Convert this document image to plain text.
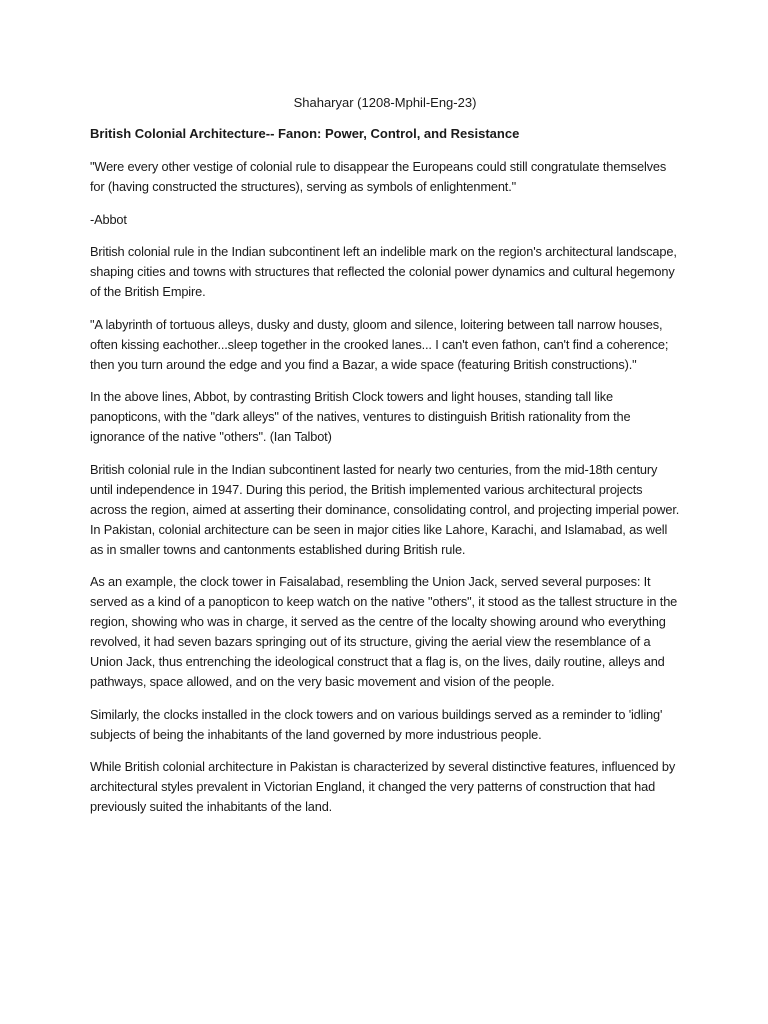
Shaharyar (1208-Mphil-Eng-23)
British Colonial Architecture-- Fanon: Power, Control, and Resistance

"Were every other vestige of colonial rule to disappear the Europeans could still congratulate themselves for (having constructed the structures), serving as symbols of enlightenment."

-Abbot

British colonial rule in the Indian subcontinent left an indelible mark on the region's architectural landscape, shaping cities and towns with structures that reflected the colonial power dynamics and cultural hegemony of the British Empire.

"A labyrinth of tortuous alleys, dusky and dusty, gloom and silence, loitering between tall narrow houses, often kissing eachother...sleep together in the crooked lanes... I can't even fathon, can't find a coherence; then you turn around the edge and you find a Bazar, a wide space (featuring British constructions)."

In the above lines, Abbot, by contrasting British Clock towers and light houses, standing tall like panopticons, with the "dark alleys" of the natives, ventures to distinguish British rationality from the ignorance of the native "others". (Ian Talbot)

British colonial rule in the Indian subcontinent lasted for nearly two centuries, from the mid-18th century until independence in 1947. During this period, the British implemented various architectural projects across the region, aimed at asserting their dominance, consolidating control, and projecting imperial power. In Pakistan, colonial architecture can be seen in major cities like Lahore, Karachi, and Islamabad, as well as in smaller towns and cantonments established during British rule.

As an example, the clock tower in Faisalabad, resembling the Union Jack, served several purposes: It served as a kind of a panopticon to keep watch on the native "others", it stood as the tallest structure in the region, showing who was in charge, it served as the centre of the localty showing around who everything revolved, it had seven bazars springing out of its structure, giving the aerial view the resemblance of a Union Jack, thus entrenching the ideological construct that a flag is, on the lives, daily routine, alleys and pathways, space allowed, and on the very basic movement and vision of the people.

Similarly, the clocks installed in the clock towers and on various buildings served as a reminder to 'idling' subjects of being the inhabitants of the land governed by more industrious people.

While British colonial architecture in Pakistan is characterized by several distinctive features, influenced by architectural styles prevalent in Victorian England, it changed the very patterns of construction that had previously suited the inhabitants of the land.
